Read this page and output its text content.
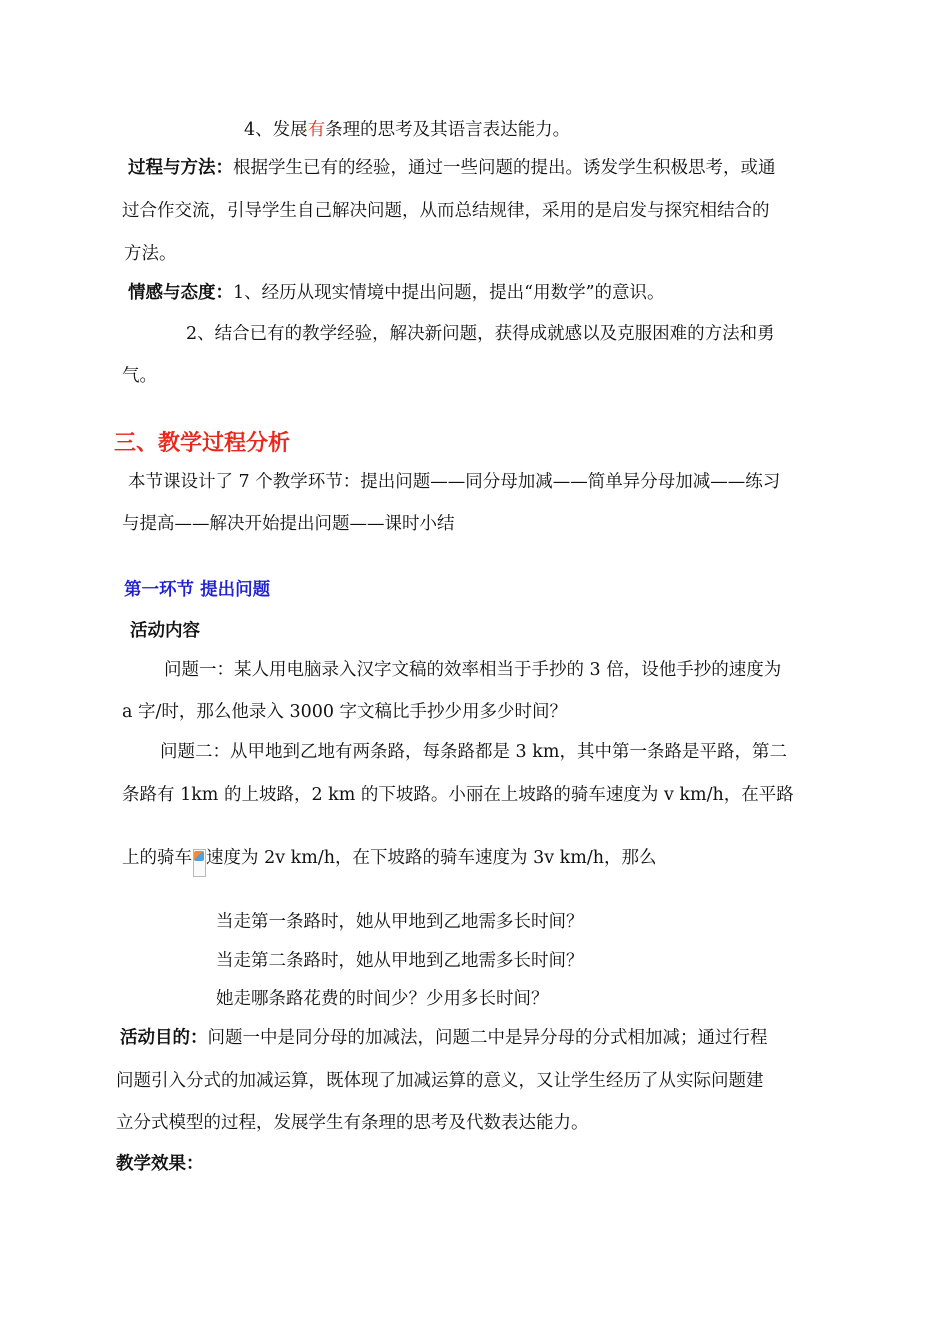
4、发展有条理的思考及其语言表达能力。
过程与方法：根据学生已有的经验，通过一些问题的提出。诱发学生积极思考，或通
过合作交流，引导学生自己解决问题，从而总结规律，采用的是启发与探究相结合的
方法。
情感与态度：1、经历从现实情境中提出问题，提出“用数学”的意识。
2、结合已有的教学经验，解决新问题，获得成就感以及克服困难的方法和勇
气。
三、教学过程分析
本节课设计了 7 个教学环节：提出问题——同分母加减——简单异分母加减——练习
与提高——解决开始提出问题——课时小结
第一环节 提出问题
活动内容
问题一：某人用电脑录入汉字文稿的效率相当于手抄的 3 倍，设他手抄的速度为
a 字/时，那么他录入 3000 字文稿比手抄少用多少时间？
问题二：从甲地到乙地有两条路，每条路都是 3 km，其中第一条路是平路，第二
条路有 1km 的上坡路，2 km 的下坡路。小丽在上坡路的骑车速度为 v km/h，在平路
上的骑车 速度为 2v km/h，在下坡路的骑车速度为 3v km/h，那么
当走第一条路时，她从甲地到乙地需多长时间？
当走第二条路时，她从甲地到乙地需多长时间？
她走哪条路花费的时间少？少用多长时间？
活动目的：问题一中是同分母的加减法，问题二中是异分母的分式相加减；通过行程
问题引入分式的加减运算，既体现了加减运算的意义，又让学生经历了从实际问题建
立分式模型的过程，发展学生有条理的思考及代数表达能力。
教学效果：
